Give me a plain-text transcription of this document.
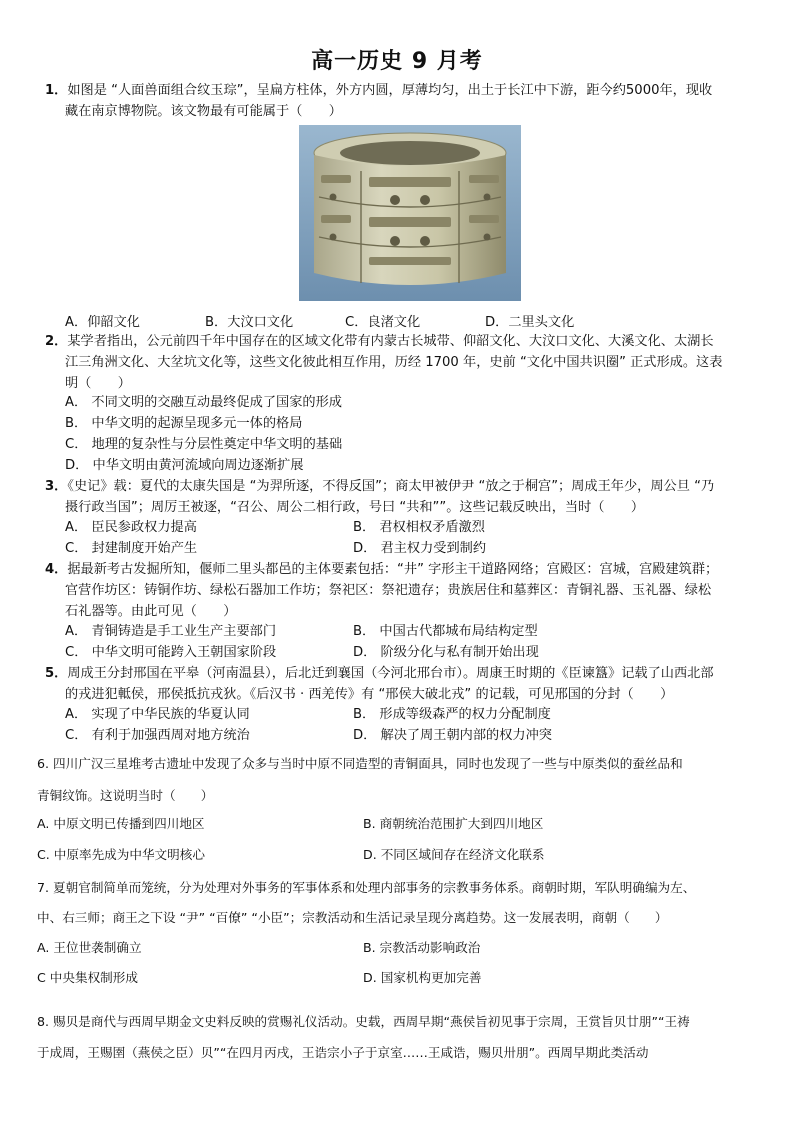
高一历史 9 月考
1．如图是 “人面兽面组合纹玉琮”，呈扁方柱体，外方内圆，厚薄均匀，出土于长江中下游，距今约5000年，现收
藏在南京博物院。该文物最有可能属于（　　）
A．仰韶文化	B．大汶口文化	C．良渚文化	D．二里头文化
2．某学者指出，公元前四千年中国存在的区域文化带有内蒙古长城带、仰韶文化、大汶口文化、大溪文化、太湖长
江三角洲文化、大坌坑文化等，这些文化彼此相互作用，历经 1700 年，史前 “文化中国共识圈” 正式形成。这表
明（　　）
A． 不同文明的交融互动最终促成了国家的形成
B． 中华文明的起源呈现多元一体的格局
C． 地理的复杂性与分层性奠定中华文明的基础
D． 中华文明由黄河流域向周边逐渐扩展
3．《史记》载：夏代的太康失国是 “为羿所逐，不得反国”；商太甲被伊尹 “放之于桐宫”；周成王年少，周公旦 “乃
摄行政当国”；周厉王被逐，“召公、周公二相行政，号曰 “共和””。这些记载反映出，当时（　　）
A． 臣民参政权力提高	B． 君权相权矛盾激烈
C． 封建制度开始产生	D． 君主权力受到制约
4．据最新考古发掘所知，偃师二里头都邑的主体要素包括：“井” 字形主干道路网络；宫殿区：宫城，宫殿建筑群；
官营作坊区：铸铜作坊、绿松石器加工作坊；祭祀区：祭祀遗存；贵族居住和墓葬区：青铜礼器、玉礼器、绿松
石礼器等。由此可见（　　）
A． 青铜铸造是手工业生产主要部门	B． 中国古代都城布局结构定型
C． 中华文明可能跨入王朝国家阶段	D． 阶级分化与私有制开始出现
5．周成王分封邢国在平皋（河南温县），后北迁到襄国（今河北邢台市）。周康王时期的《臣谏簋》记载了山西北部
的戎进犯軧侯，邢侯抵抗戎狄。《后汉书 · 西羌传》有 “邢侯大破北戎” 的记载，可见邢国的分封（　　）
A． 实现了中华民族的华夏认同	B． 形成等级森严的权力分配制度
C． 有利于加强西周对地方统治	D． 解决了周王朝内部的权力冲突
6. 四川广汉三星堆考古遗址中发现了众多与当时中原不同造型的青铜面具，同时也发现了一些与中原类似的蚕丝品和
青铜纹饰。这说明当时（　　）
A. 中原文明已传播到四川地区	B. 商朝统治范围扩大到四川地区
C. 中原率先成为中华文明核心	D. 不同区域间存在经济文化联系
7. 夏朝官制简单而笼统，分为处理对外事务的军事体系和处理内部事务的宗教事务体系。商朝时期，军队明确编为左、
中、右三师；商王之下设 “尹” “百僚” “小臣”；宗教活动和生活记录呈现分离趋势。这一发展表明，商朝（　　）
A. 王位世袭制确立	B. 宗教活动影响政治
C 中央集权制形成	D. 国家机构更加完善
8. 赐贝是商代与西周早期金文史料反映的赏赐礼仪活动。史载，西周早期“燕侯旨初见事于宗周，王赏旨贝廿朋”“王祷
于成周，王赐圉（燕侯之臣）贝”“在四月丙戌，王诰宗小子于京室……王咸诰，赐贝卅朋”。西周早期此类活动
